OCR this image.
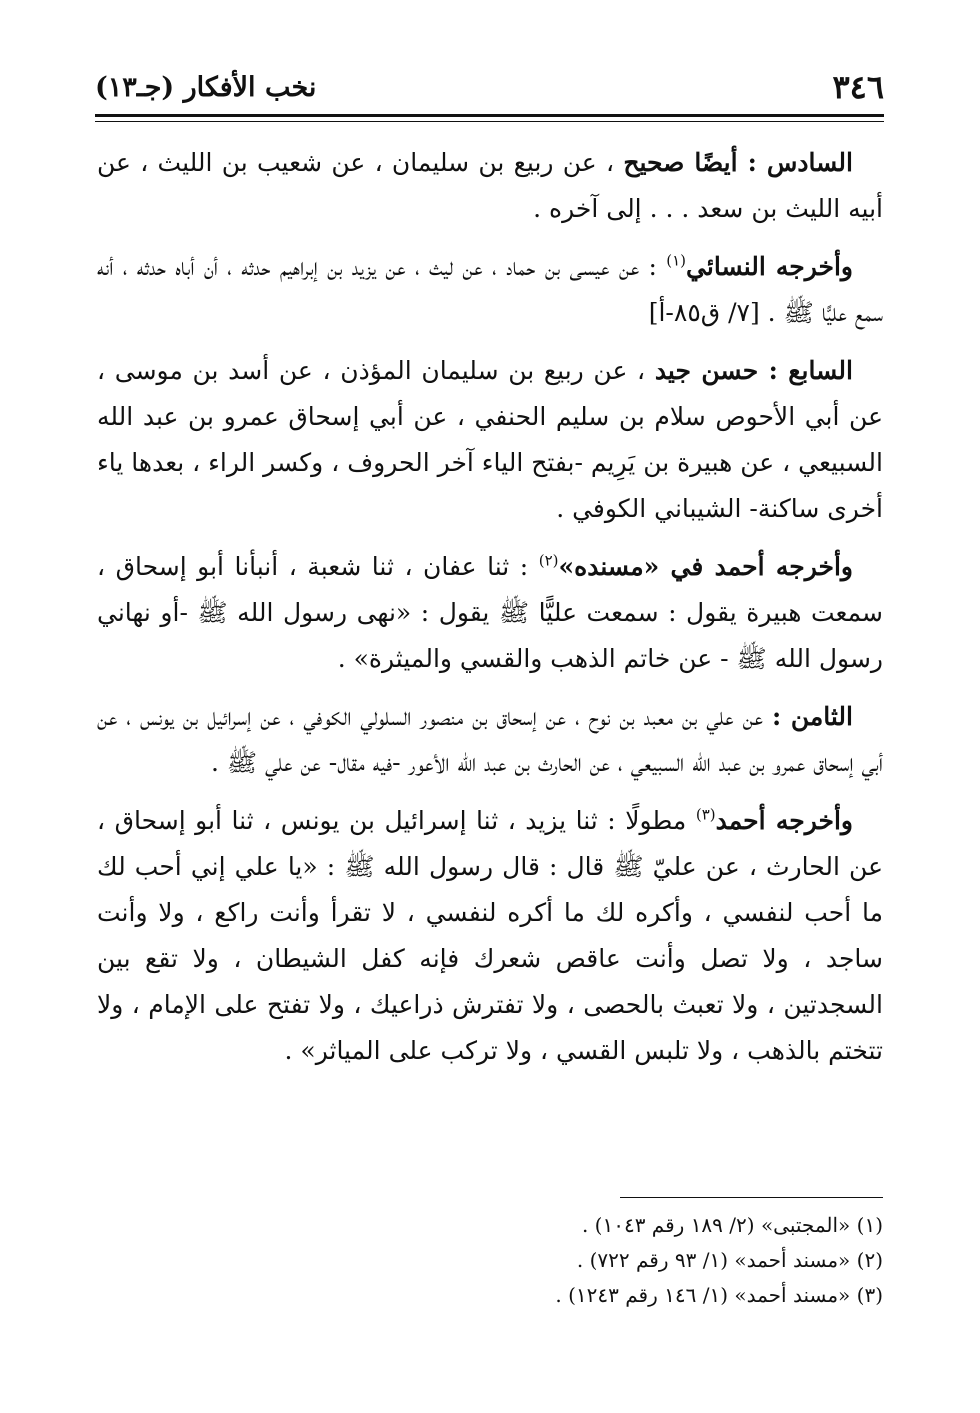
٣٤٦
نخب الأفكار (جـ١٣)

السادس : أيضًا صحيح ، عن ربيع بن سليمان ، عن شعيب بن الليث ، عن أبيه الليث بن سعد . . . إلى آخره .

وأخرجه النسائي$^{(١)}$ : عن عيسى بن حماد ، عن ليث ، عن يزيد بن إبراهيم حدثه ، أن أباه حدثه ، أنه سمع عليًّا ﷺ . [٧/ ق٨٥-أ]

السابع : حسن جيد ، عن ربيع بن سليمان المؤذن ، عن أسد بن موسى ، عن أبي الأحوص سلام بن سليم الحنفي ، عن أبي إسحاق عمرو بن عبد الله السبيعي ، عن هبيرة بن يَرِيم -بفتح الياء آخر الحروف ، وكسر الراء ، بعدها ياء أخرى ساكنة- الشيباني الكوفي .

وأخرجه أحمد في «مسنده»$^{(٢)}$ : ثنا عفان ، ثنا شعبة ، أنبأنا أبو إسحاق ، سمعت هبيرة يقول : سمعت عليًّا ﷺ يقول : «نهى رسول الله ﷺ -أو نهاني رسول الله ﷺ - عن خاتم الذهب والقسي والميثرة» .

الثامن : عن علي بن معبد بن نوح ، عن إسحاق بن منصور السلولي الكوفي ، عن إسرائيل بن يونس ، عن أبي إسحاق عمرو بن عبد الله السبيعي ، عن الحارث بن عبد الله الأعور -فيه مقال- عن علي ﷺ .

وأخرجه أحمد$^{(٣)}$ مطولًا : ثنا يزيد ، ثنا إسرائيل بن يونس ، ثنا أبو إسحاق ، عن الحارث ، عن عليّ ﷺ قال : قال رسول الله ﷺ : «يا علي إني أحب لك ما أحب لنفسي ، وأكره لك ما أكره لنفسي ، لا تقرأ وأنت راكع ، ولا وأنت ساجد ، ولا تصل وأنت عاقص شعرك فإنه كفل الشيطان ، ولا تقع بين السجدتين ، ولا تعبث بالحصى ، ولا تفترش ذراعيك ، ولا تفتح على الإمام ، ولا تتختم بالذهب ، ولا تلبس القسي ، ولا تركب على المياثر» .

(١) «المجتبى» (٢/ ١٨٩ رقم ١٠٤٣) .
(٢) «مسند أحمد» (١/ ٩٣ رقم ٧٢٢) .
(٣) «مسند أحمد» (١/ ١٤٦ رقم ١٢٤٣) .
